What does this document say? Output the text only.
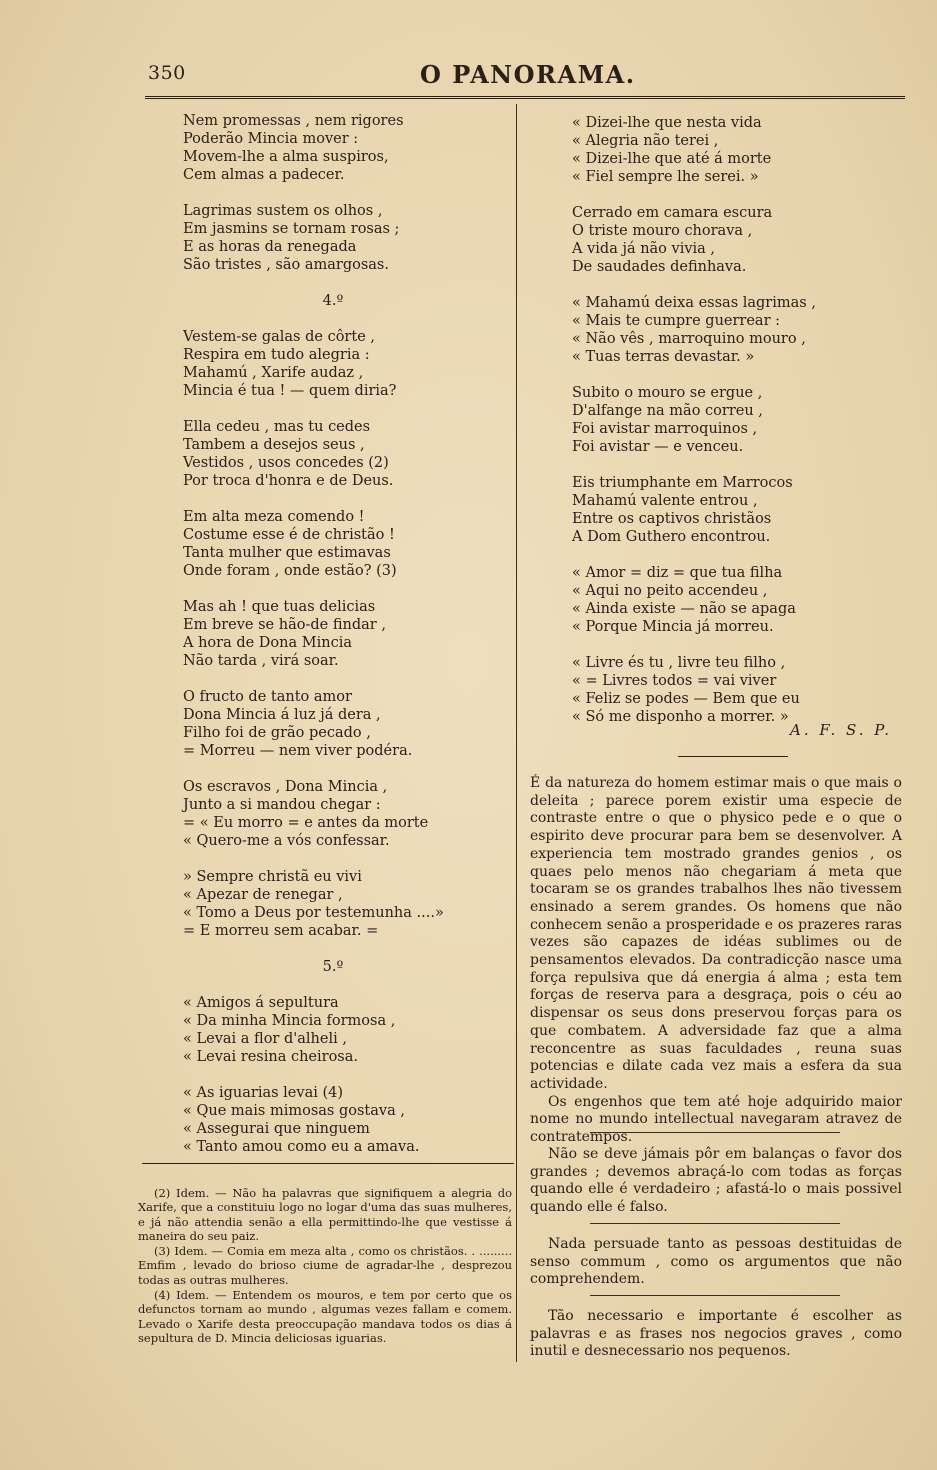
350	O PANORAMA.
Nem promessas , nem rigores
Poderão Mincia mover :
Movem-lhe a alma suspiros,
Cem almas a padecer.
Lagrimas sustem os olhos ,
Em jasmins se tornam rosas ;
E as horas da renegada
São tristes , são amargosas.
4.º
Vestem-se galas de côrte ,
Respira em tudo alegria :
Mahamú , Xarife audaz ,
Mincia é tua ! — quem diria?
Ella cedeu , mas tu cedes
Tambem a desejos seus ,
Vestidos , usos concedes (2)
Por troca d'honra e de Deus.
Em alta meza comendo !
Costume esse é de christão !
Tanta mulher que estimavas
Onde foram , onde estão? (3)
Mas ah ! que tuas delicias
Em breve se hão-de findar ,
A hora de Dona Mincia
Não tarda , virá soar.
O fructo de tanto amor
Dona Mincia á luz já dera ,
Filho foi de grão pecado ,
= Morreu — nem viver podéra.
Os escravos , Dona Mincia ,
Junto a si mandou chegar :
= « Eu morro = e antes da morte
« Quero-me a vós confessar.
» Sempre christã eu vivi
« Apezar de renegar ,
« Tomo a Deus por testemunha ....»
= E morreu sem acabar. =
5.º
« Amigos á sepultura
« Da minha Mincia formosa ,
« Levai a flor d'alheli ,
« Levai resina cheirosa.
« As iguarias levai (4)
« Que mais mimosas gostava ,
« Assegurai que ninguem
« Tanto amou como eu a amava.
« Dizei-lhe que nesta vida
« Alegria não terei ,
« Dizei-lhe que até á morte
« Fiel sempre lhe serei. »
Cerrado em camara escura
O triste mouro chorava ,
A vida já não vivia ,
De saudades definhava.
« Mahamú deixa essas lagrimas ,
« Mais te cumpre guerrear :
« Não vês , marroquino mouro ,
« Tuas terras devastar. »
Subito o mouro se ergue ,
D'alfange na mão correu ,
Foi avistar marroquinos ,
Foi avistar — e venceu.
Eis triumphante em Marrocos
Mahamú valente entrou ,
Entre os captivos christãos
A Dom Guthero encontrou.
« Amor = diz = que tua filha
« Aqui no peito accendeu ,
« Ainda existe — não se apaga
« Porque Mincia já morreu.
« Livre és tu , livre teu filho ,
« = Livres todos = vai viver
« Feliz se podes — Bem que eu
« Só me disponho a morrer. »
A. F. S. P.

(2) Idem. — Não ha palavras que signifiquem a alegria do Xarife, que a constituiu logo no logar d'uma das suas mulheres, e já não attendia senão a ella permittindo-lhe que vestisse á maneira do seu paiz.

(3) Idem. — Comia em meza alta , como os christãos. . ......... Emfim , levado do brioso ciume de agradar-lhe , desprezou todas as outras mulheres.

(4) Idem. — Entendem os mouros, e tem por certo que os defunctos tornam ao mundo , algumas vezes fallam e comem. Levado o Xarife desta preoccupação mandava todos os dias á sepultura de D. Mincia deliciosas iguarias.

É da natureza do homem estimar mais o que mais o deleita ; parece porem existir uma especie de contraste entre o que o physico pede e o que o espirito deve procurar para bem se desenvolver. A experiencia tem mostrado grandes genios , os quaes pelo menos não chegariam á meta que tocaram se os grandes trabalhos lhes não tivessem ensinado a serem grandes. Os homens que não conhecem senão a prosperidade e os prazeres raras vezes são capazes de idéas sublimes ou de pensamentos elevados. Da contradicção nasce uma força repulsiva que dá energia á alma ; esta tem forças de reserva para a desgraça, pois o céu ao dispensar os seus dons preservou forças para os que combatem. A adversidade faz que a alma reconcentre as suas faculdades , reuna suas potencias e dilate cada vez mais a esfera da sua actividade.

Os engenhos que tem até hoje adquirido maior nome no mundo intellectual navegaram atravez de contratempos.

Não se deve jámais pôr em balanças o favor dos grandes ; devemos abraçá-lo com todas as forças quando elle é verdadeiro ; afastá-lo o mais possivel quando elle é falso.

Nada persuade tanto as pessoas destituidas de senso commum , como os argumentos que não comprehendem.

Tão necessario e importante é escolher as palavras e as frases nos negocios graves , como inutil e desnecessario nos pequenos.
